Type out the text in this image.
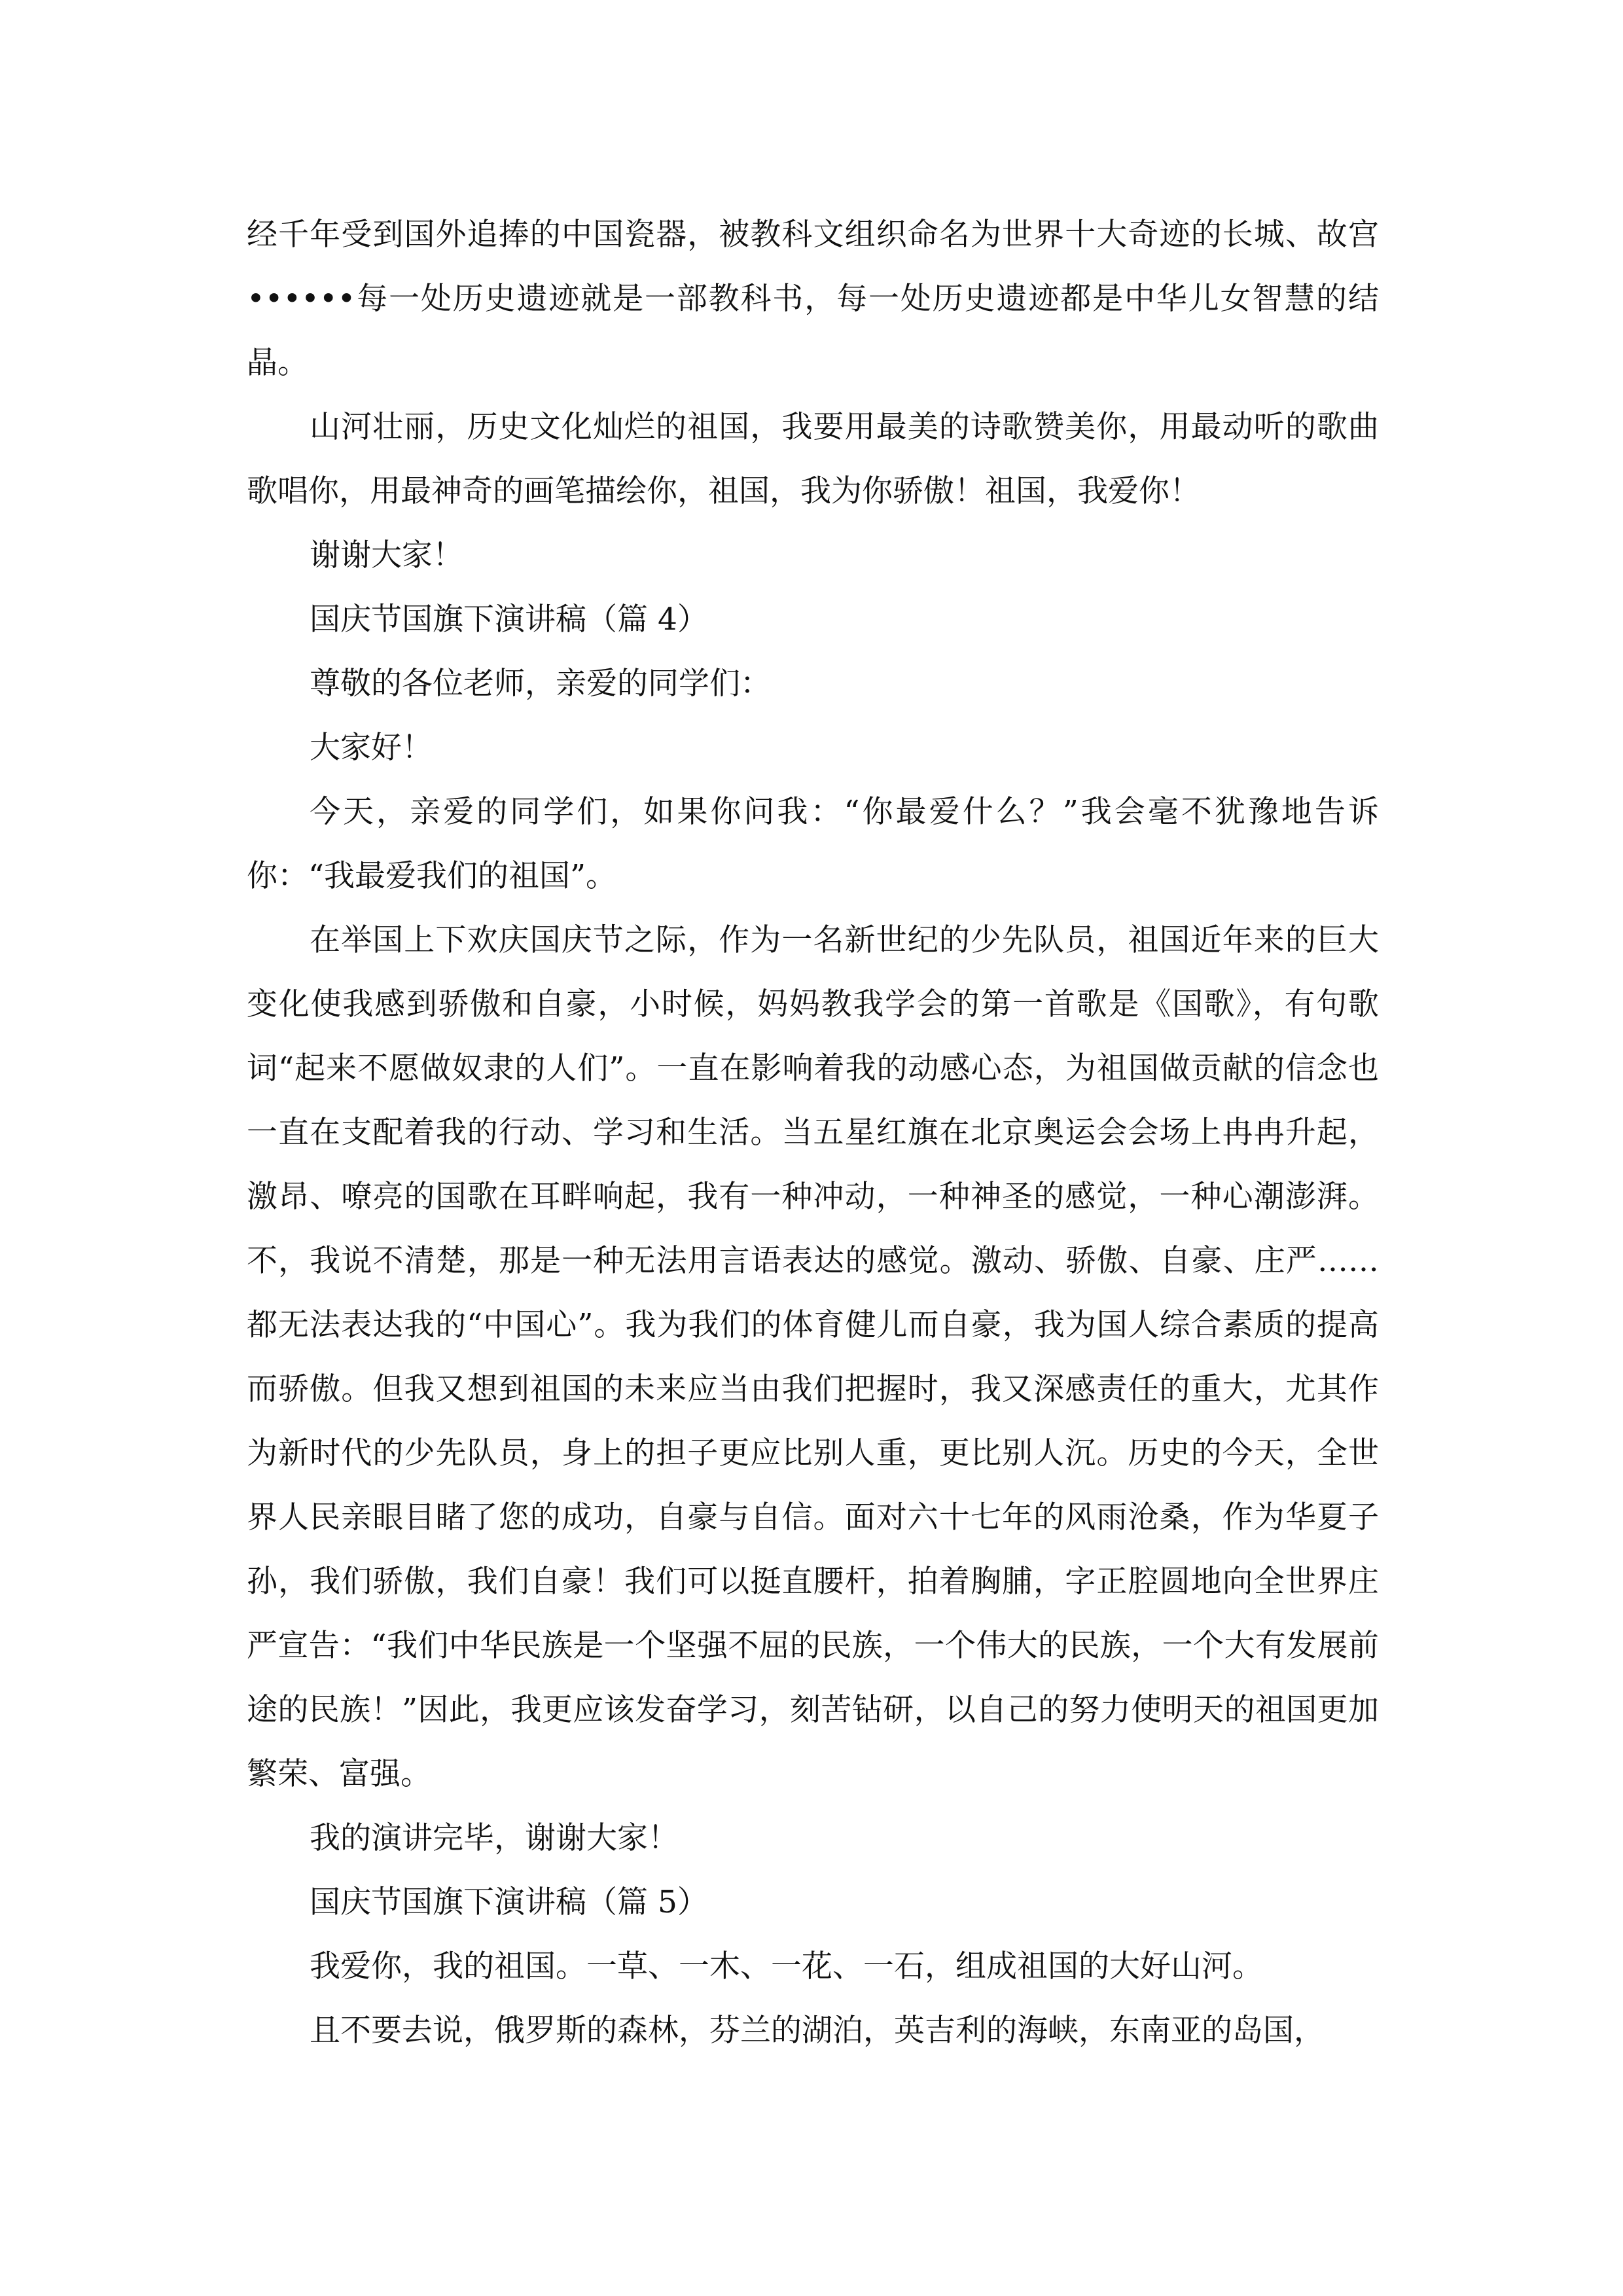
经千年受到国外追捧的中国瓷器，被教科文组织命名为世界十大奇迹的长城、故宫••••••每一处历史遗迹就是一部教科书，每一处历史遗迹都是中华儿女智慧的结晶。

山河壮丽，历史文化灿烂的祖国，我要用最美的诗歌赞美你，用最动听的歌曲歌唱你，用最神奇的画笔描绘你，祖国，我为你骄傲！祖国，我爱你！

谢谢大家！

国庆节国旗下演讲稿（篇 4）

尊敬的各位老师，亲爱的同学们：

大家好！

今天，亲爱的同学们，如果你问我：“你最爱什么？”我会毫不犹豫地告诉你：“我最爱我们的祖国”。

在举国上下欢庆国庆节之际，作为一名新世纪的少先队员，祖国近年来的巨大变化使我感到骄傲和自豪，小时候，妈妈教我学会的第一首歌是《国歌》，有句歌词“起来不愿做奴隶的人们”。一直在影响着我的动感心态，为祖国做贡献的信念也一直在支配着我的行动、学习和生活。当五星红旗在北京奥运会会场上冉冉升起，激昂、嘹亮的国歌在耳畔响起，我有一种冲动，一种神圣的感觉，一种心潮澎湃。不，我说不清楚，那是一种无法用言语表达的感觉。激动、骄傲、自豪、庄严……都无法表达我的“中国心”。我为我们的体育健儿而自豪，我为国人综合素质的提高而骄傲。但我又想到祖国的未来应当由我们把握时，我又深感责任的重大，尤其作为新时代的少先队员，身上的担子更应比别人重，更比别人沉。历史的今天，全世界人民亲眼目睹了您的成功，自豪与自信。面对六十七年的风雨沧桑，作为华夏子孙，我们骄傲，我们自豪！我们可以挺直腰杆，拍着胸脯，字正腔圆地向全世界庄严宣告：“我们中华民族是一个坚强不屈的民族，一个伟大的民族，一个大有发展前途的民族！”因此，我更应该发奋学习，刻苦钻研，以自己的努力使明天的祖国更加繁荣、富强。

我的演讲完毕，谢谢大家！

国庆节国旗下演讲稿（篇 5）

我爱你，我的祖国。一草、一木、一花、一石，组成祖国的大好山河。

且不要去说，俄罗斯的森林，芬兰的湖泊，英吉利的海峡，东南亚的岛国，
